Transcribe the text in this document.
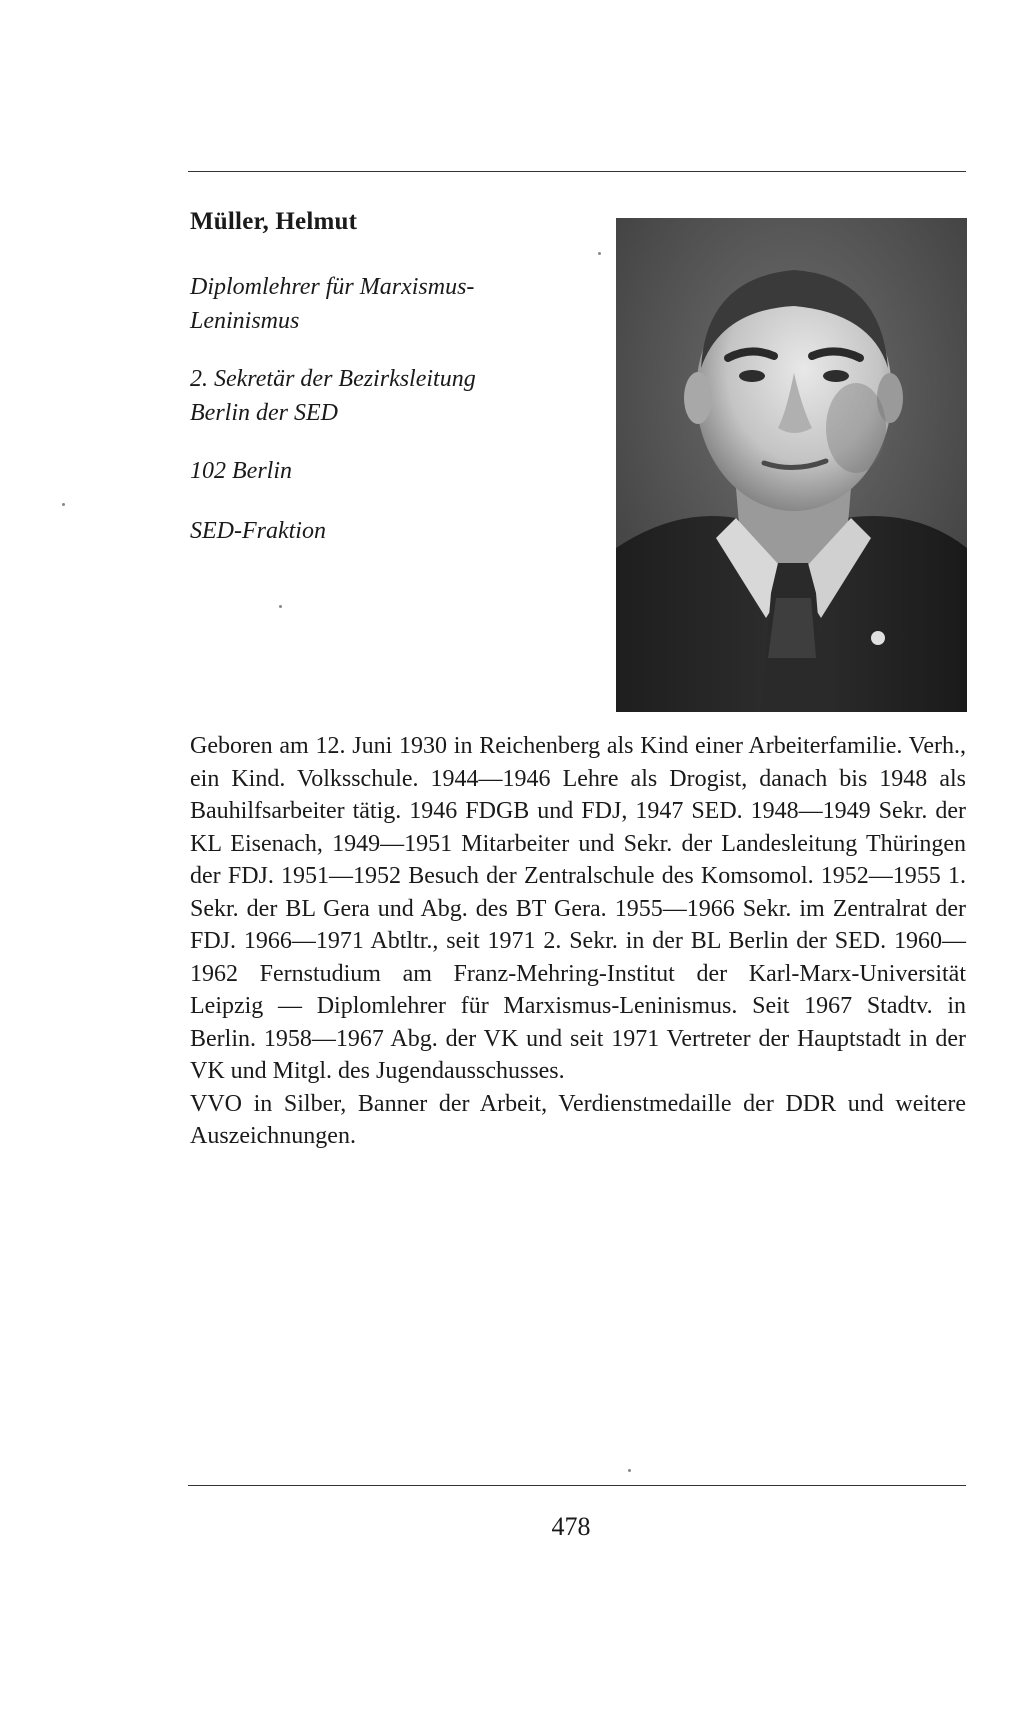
Müller, Helmut
Diplomlehrer für Marxismus-
Leninismus
2. Sekretär der Bezirksleitung
Berlin der SED
102 Berlin
SED-Fraktion

Geboren am 12. Juni 1930 in Reichenberg als Kind einer Arbeiterfamilie. Verh., ein Kind. Volksschule. 1944—1946 Lehre als Drogist, danach bis 1948 als Bauhilfsarbeiter tätig. 1946 FDGB und FDJ, 1947 SED. 1948—1949 Sekr. der KL Eisenach, 1949—1951 Mitarbeiter und Sekr. der Landesleitung Thüringen der FDJ. 1951—1952 Besuch der Zentralschule des Komsomol. 1952—1955 1. Sekr. der BL Gera und Abg. des BT Gera. 1955—1966 Sekr. im Zentralrat der FDJ. 1966—1971 Abtltr., seit 1971 2. Sekr. in der BL Berlin der SED. 1960—1962 Fernstudium am Franz-Mehring-Institut der Karl-Marx-Universität Leipzig — Diplomlehrer für Marxismus-Leninismus. Seit 1967 Stadtv. in Berlin. 1958—1967 Abg. der VK und seit 1971 Vertreter der Hauptstadt in der VK und Mitgl. des Jugendausschusses.

VVO in Silber, Banner der Arbeit, Verdienstmedaille der DDR und weitere Auszeichnungen.

478
